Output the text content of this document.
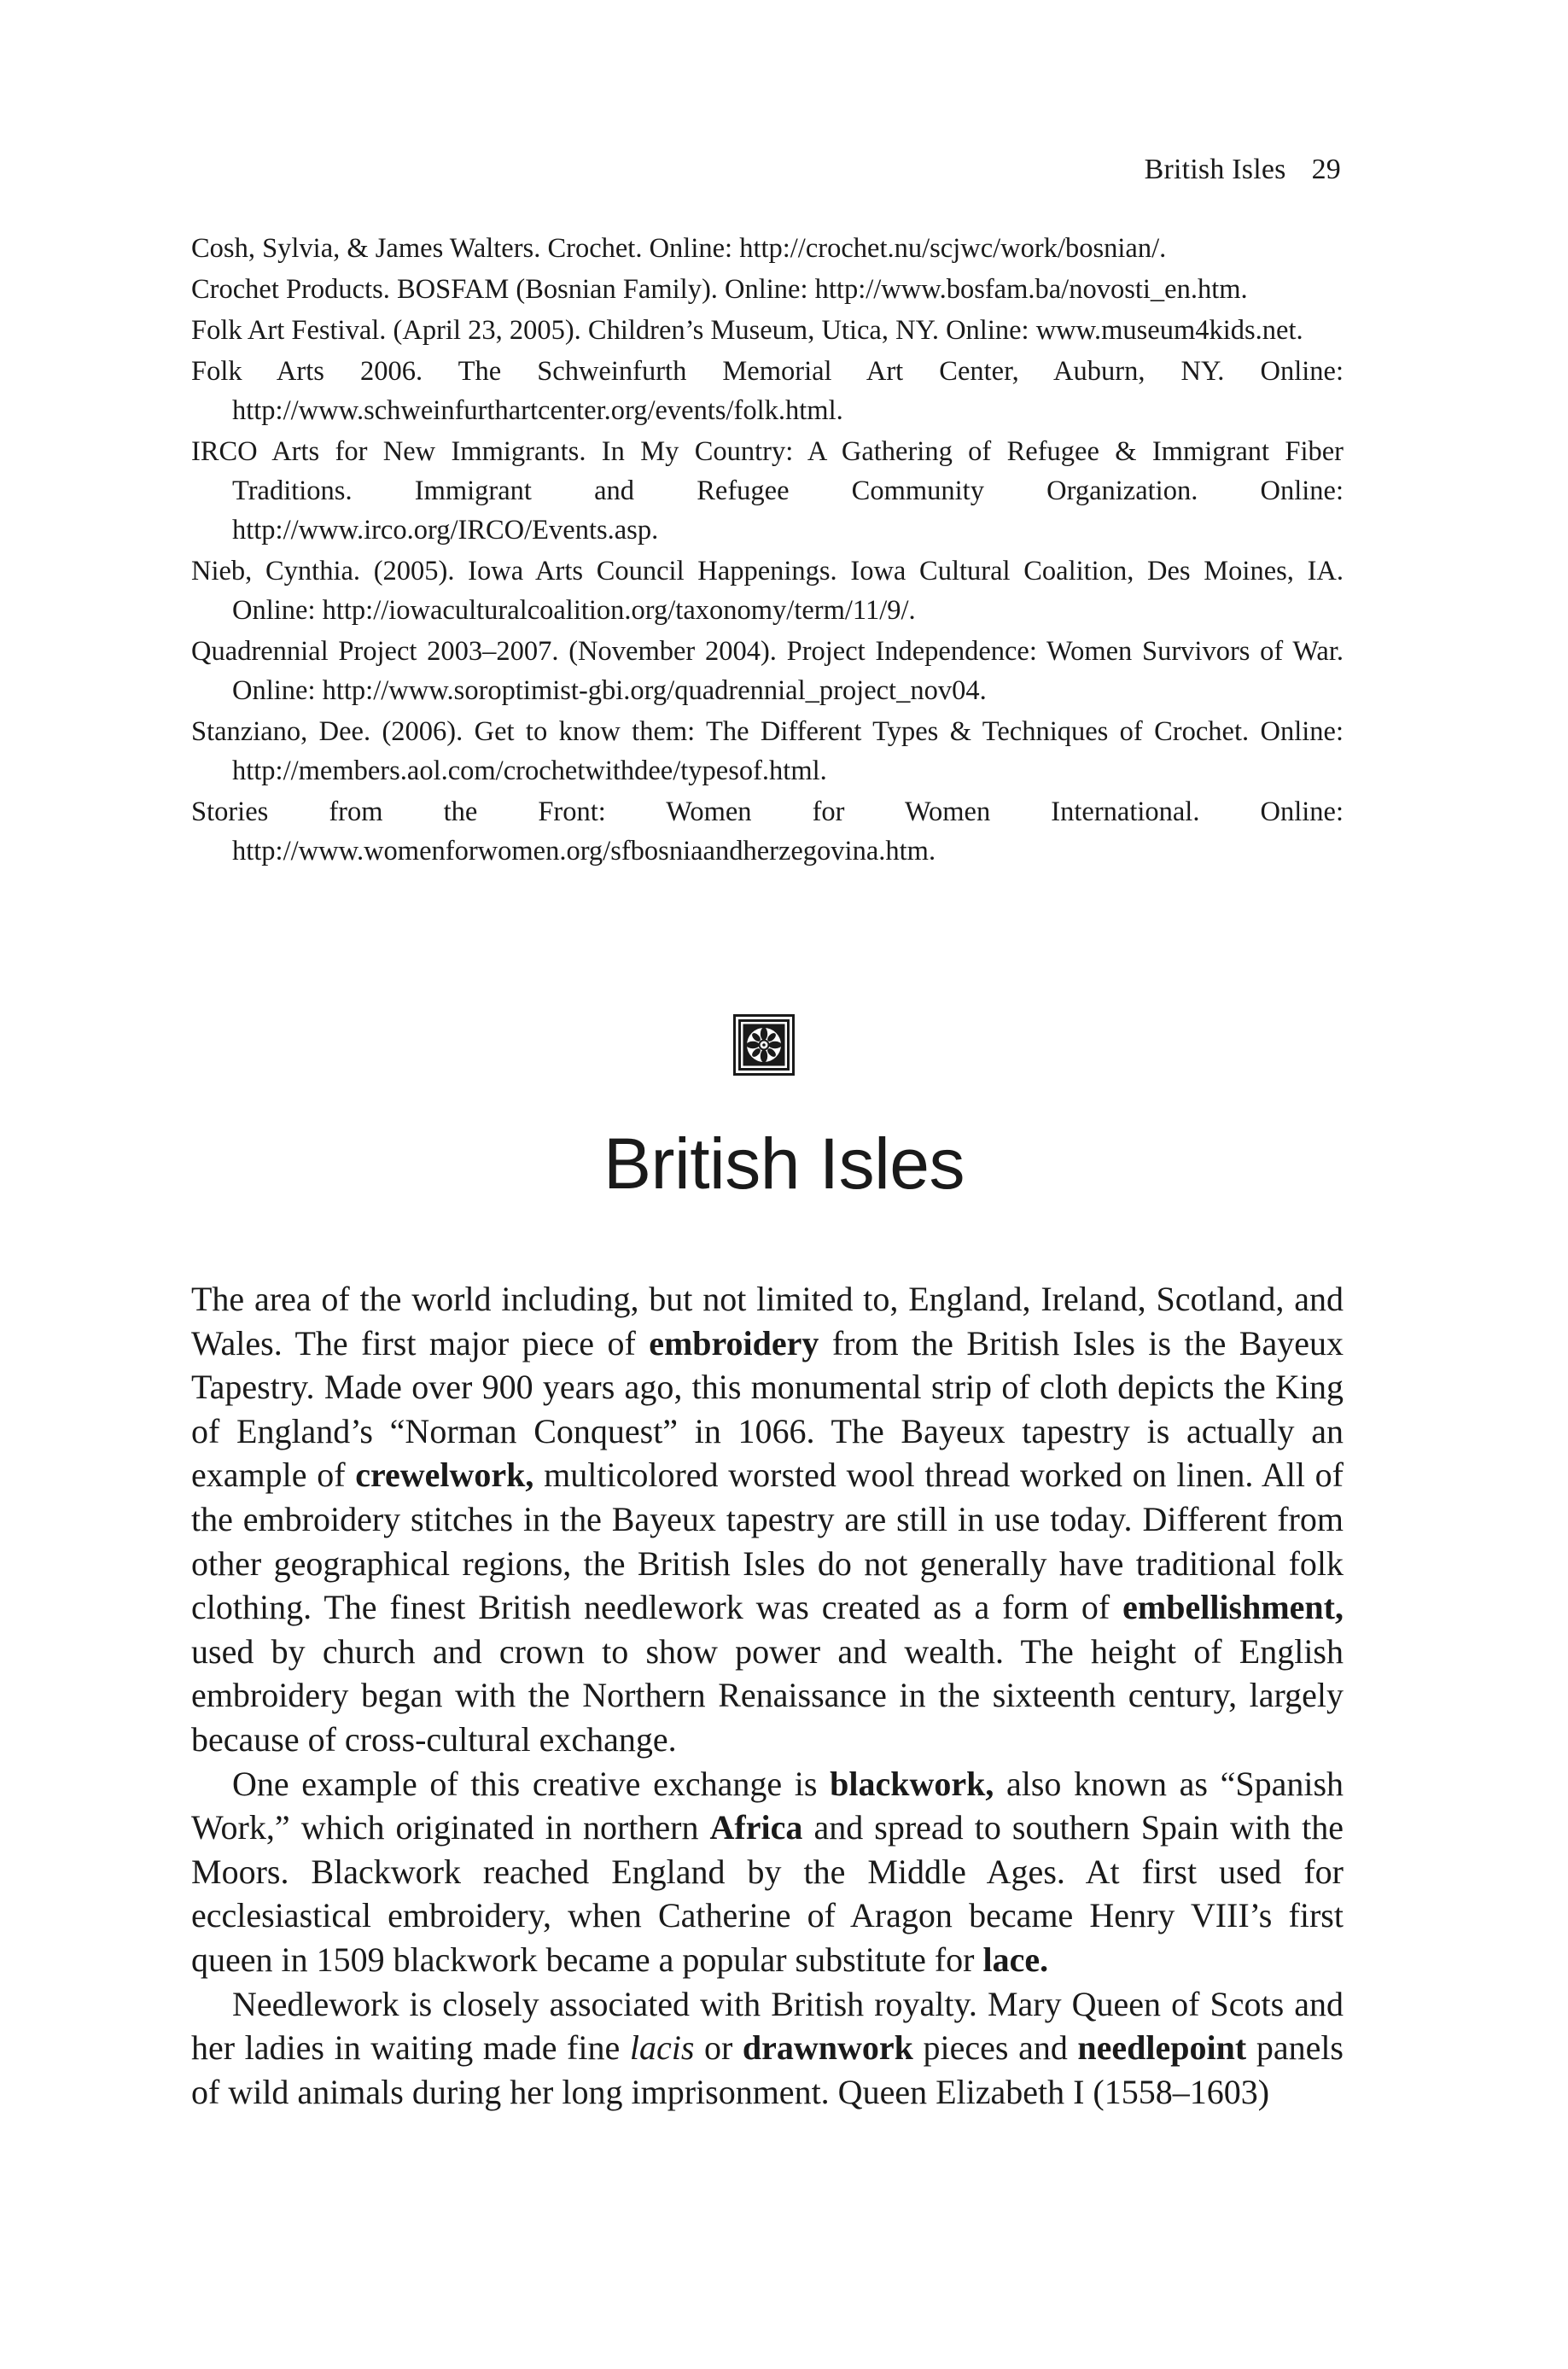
British Isles 29
Cosh, Sylvia, & James Walters. Crochet. Online: http://crochet.nu/scjwc/work/bosnian/.
Crochet Products. BOSFAM (Bosnian Family). Online: http://www.bosfam.ba/novosti_en.htm.
Folk Art Festival. (April 23, 2005). Children’s Museum, Utica, NY. Online: www.museum4kids.net.
Folk Arts 2006. The Schweinfurth Memorial Art Center, Auburn, NY. Online: http://www.schweinfurthartcenter.org/events/folk.html.
IRCO Arts for New Immigrants. In My Country: A Gathering of Refugee & Immigrant Fiber Traditions. Immigrant and Refugee Community Organization. Online: http://www.irco.org/IRCO/Events.asp.
Nieb, Cynthia. (2005). Iowa Arts Council Happenings. Iowa Cultural Coalition, Des Moines, IA. Online: http://iowaculturalcoalition.org/taxonomy/term/11/9/.
Quadrennial Project 2003–2007. (November 2004). Project Independence: Women Survivors of War. Online: http://www.soroptimist-gbi.org/quadrennial_project_nov04.
Stanziano, Dee. (2006). Get to know them: The Different Types & Techniques of Crochet. Online: http://members.aol.com/crochetwithdee/typesof.html.
Stories from the Front: Women for Women International. Online: http://www.womenforwomen.org/sfbosniaandherzegovina.htm.
British Isles

The area of the world including, but not limited to, England, Ireland, Scotland, and Wales. The first major piece of embroidery from the British Isles is the Bayeux Tapestry. Made over 900 years ago, this monumental strip of cloth depicts the King of England’s “Norman Conquest” in 1066. The Bayeux tapestry is actually an example of crewelwork, multicolored worsted wool thread worked on linen. All of the embroidery stitches in the Bayeux tapestry are still in use today. Different from other geographical regions, the British Isles do not generally have traditional folk clothing. The finest British needlework was created as a form of embellishment, used by church and crown to show power and wealth. The height of English embroidery began with the Northern Renaissance in the sixteenth century, largely because of cross-cultural exchange.

One example of this creative exchange is blackwork, also known as “Spanish Work,” which originated in northern Africa and spread to southern Spain with the Moors. Blackwork reached England by the Middle Ages. At first used for ecclesiastical embroidery, when Catherine of Aragon became Henry VIII’s first queen in 1509 blackwork became a popular substitute for lace.

Needlework is closely associated with British royalty. Mary Queen of Scots and her ladies in waiting made fine lacis or drawnwork pieces and needlepoint panels of wild animals during her long imprisonment. Queen Elizabeth I (1558–1603)
